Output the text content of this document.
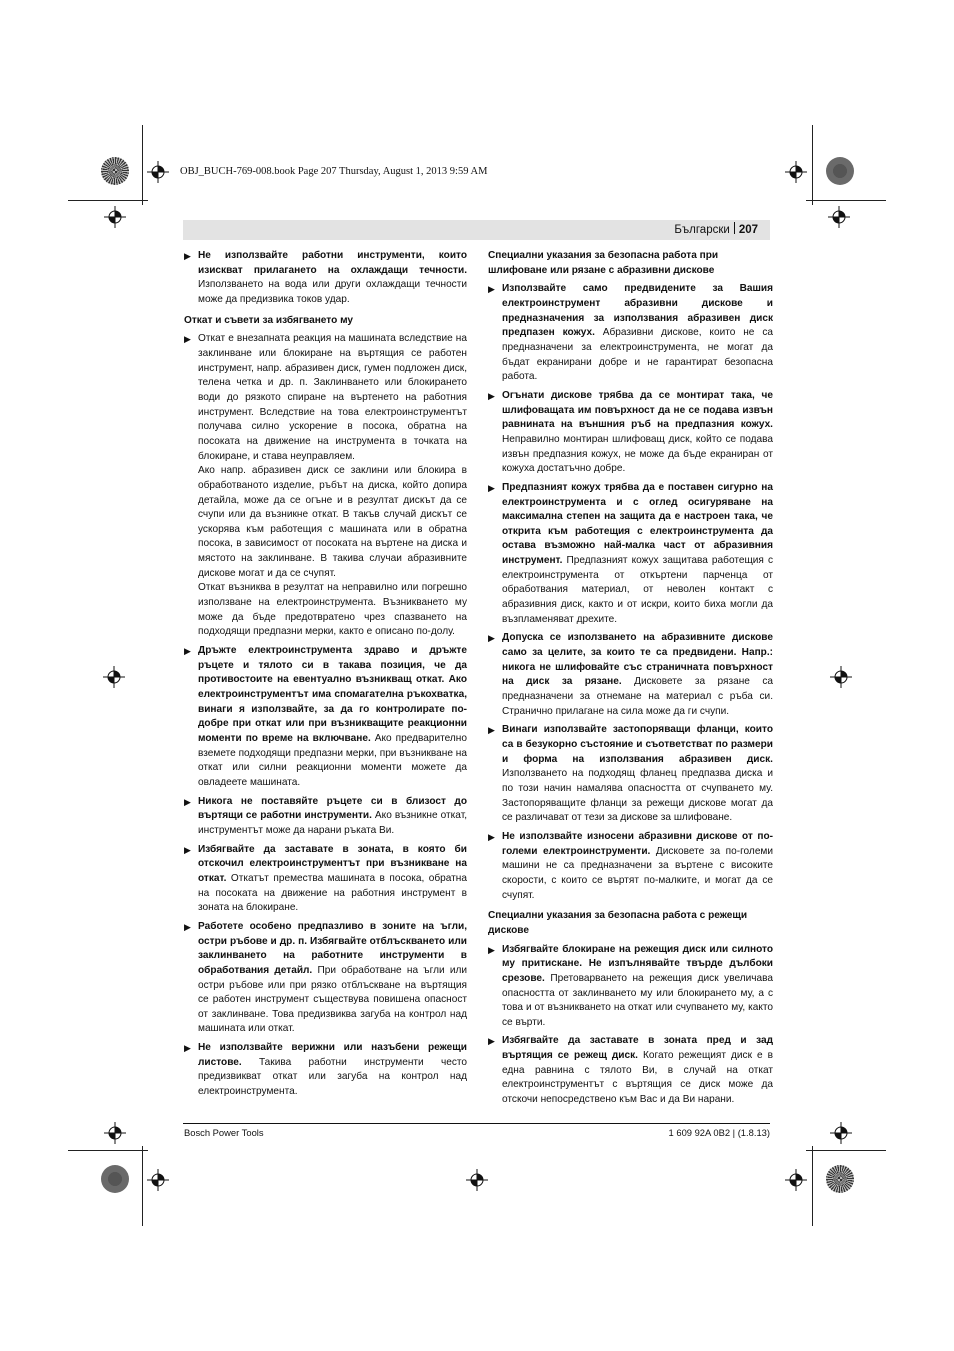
OBJ_BUCH-769-008.book Page 207 Thursday, August 1, 2013 9:59 AM
Български 207
▶ Не използвайте работни инструменти, които изискват прилагането на охлаждащи течности. Използването на вода или други охлаждащи течности може да предизвика токов удар.

Откат и съвети за избягването му
▶ Откат е внезапната реакция на машината вследствие на заклинване или блокиране на въртящия се работен инструмент, напр. абразивен диск, гумен подложен диск, телена четка и др. п. Заклинването или блокирането води до рязкото спиране на въртенето на работния инструмент. Вследствие на това електроинструментът получава силно ускорение в посока, обратна на посоката на движение на инструмента в точката на блокиране, и става неуправляем.

Ако напр. абразивен диск се заклини или блокира в обработваното изделие, ръбът на диска, който допира детайла, може да се огъне и в резултат дискът да се счупи или да възникне откат. В такъв случай дискът се ускорява към работещия с машината или в обратна посока, в зависимост от посоката на въртене на диска и мястото на заклинване. В такива случаи абразивните дискове могат и да се счупят.

Откат възниква в резултат на неправилно или погрешно използване на електроинструмента. Възникването му може да бъде предотвратено чрез спазването на подходящи предпазни мерки, както е описано по-долу.

▶ Дръжте електроинструмента здраво и дръжте ръцете и тялото си в такава позиция, че да противостоите на евентуално възникващ откат. Ако електроинструментът има спомагателна ръкохватка, винаги я използвайте, за да го контролирате по-добре при откат или при възникващите реакционни моменти по време на включване. Ако предварително вземете подходящи предпазни мерки, при възникване на откат или силни реакционни моменти можете да овладеете машината.

▶ Никога не поставяйте ръцете си в близост до въртящи се работни инструменти. Ако възникне откат, инструментът може да нарани ръката Ви.

▶ Избягвайте да заставате в зоната, в която би отскочил електроинструментът при възникване на откат. Откатът премества машината в посока, обратна на посоката на движение на работния инструмент в зоната на блокиране.

▶ Работете особено предпазливо в зоните на ъгли, остри ръбове и др. п. Избягвайте отблъскването или заклинването на работните инструменти в обработвания детайл. При обработване на ъгли или остри ръбове или при рязко отблъскване на въртящия се работен инструмент съществува повишена опасност от заклинване. Това предизвиква загуба на контрол над машината или откат.

▶ Не използвайте верижни или назъбени режещи листове. Такива работни инструменти често предизвикват откат или загуба на контрол над електроинструмента.

Специални указания за безопасна работа при шлифоване или рязане с абразивни дискове
▶ Използвайте само предвидените за Вашия електроинструмент абразивни дискове и предназначения за използвания абразивен диск предпазен кожух. Абразивни дискове, които не са предназначени за електроинструмента, не могат да бъдат екранирани добре и не гарантират безопасна работа.

▶ Огънати дискове трябва да се монтират така, че шлифоващата им повърхност да не се подава извън равнината на външния ръб на предпазния кожух. Неправилно монтиран шлифоващ диск, който се подава извън предпазния кожух, не може да бъде екраниран от кожуха достатъчно добре.

▶ Предпазният кожух трябва да е поставен сигурно на електроинструмента и с оглед осигуряване на максимална степен на защита да е настроен така, че открита към работещия с електроинструмента да остава възможно най-малка част от абразивния инструмент. Предпазният кожух защитава работещия с електроинструмента от откъртени парченца от обработвания материал, от неволен контакт с абразивния диск, както и от искри, които биха могли да възпламеняват дрехите.

▶ Допуска се използването на абразивните дискове само за целите, за които те са предвидени. Напр.: никога не шлифовайте със страничната повърхност на диск за рязане. Дисковете за рязане са предназначени за отнемане на материал с ръба си. Странично прилагане на сила може да ги счупи.

▶ Винаги използвайте застопоряващи фланци, които са в безукорно състояние и съответстват по размери и форма на използвания абразивен диск. Използването на подходящ фланец предпазва диска и по този начин намалява опасността от счупването му. Застопоряващите фланци за режещи дискове могат да се различават от тези за дискове за шлифоване.

▶ Не използвайте износени абразивни дискове от по-големи електроинструменти. Дисковете за по-големи машини не са предназначени за въртене с високите скорости, с които се въртят по-малките, и могат да се счупят.

Специални указания за безопасна работа с режещи дискове
▶ Избягвайте блокиране на режещия диск или силното му притискане. Не изпълнявайте твърде дълбоки срезове. Претоварването на режещия диск увеличава опасността от заклинването му или блокирането му, а с това и от възникването на откат или счупването му, както се върти.

▶ Избягвайте да заставате в зоната пред и зад въртящия се режещ диск. Когато режещият диск е в една равнина с тялото Ви, в случай на откат електроинструментът с въртящия се диск може да отскочи непосредствено към Вас и да Ви нарани.

Bosch Power Tools	1 609 92A 0B2 | (1.8.13)
